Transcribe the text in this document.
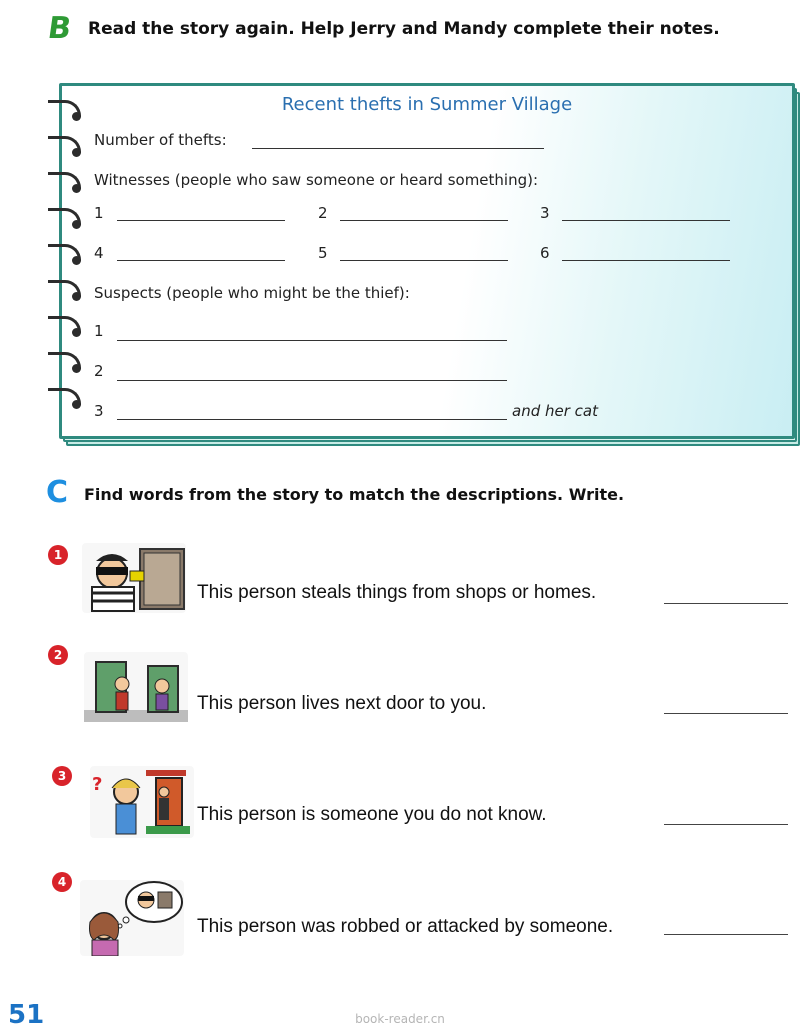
B Read the story again. Help Jerry and Mandy complete their notes.
Recent thefts in Summer Village
Number of thefts:
Witnesses (people who saw someone or heard something):
1	2	3
4	5	6
Suspects (people who might be the thief):
1
2
3	and her cat
C Find words from the story to match the descriptions. Write.
1
This person steals things from shops or homes.
2
This person lives next door to you.
3	?
This person is someone you do not know.
4
This person was robbed or attacked by someone.
51	book-reader.cn
